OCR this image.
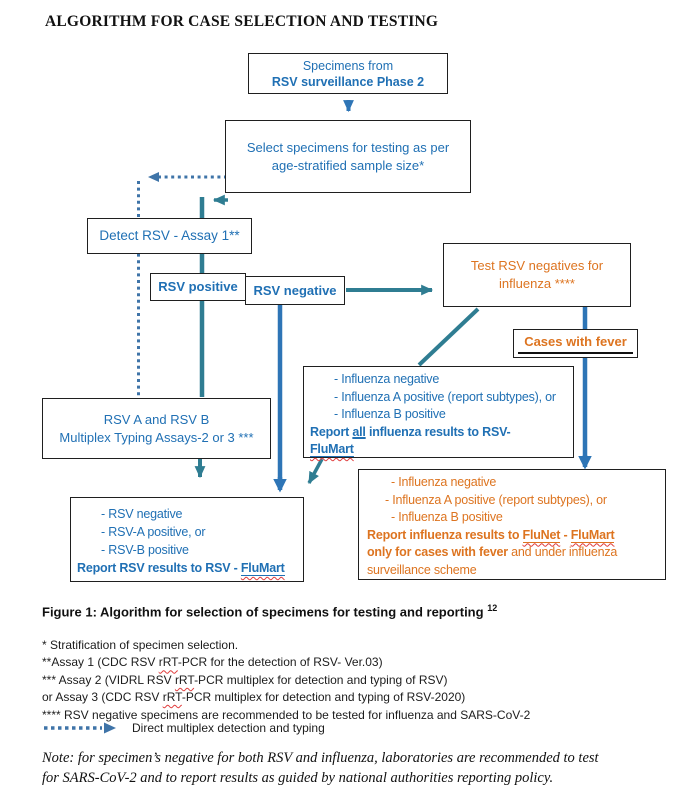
ALGORITHM FOR CASE SELECTION AND TESTING
Specimens from
RSV surveillance Phase 2
Select specimens for testing as per
age-stratified sample size*
Detect RSV - Assay 1**
RSV positive RSV negative
Test RSV negatives for
influenza ****
Cases with fever
- Influenza negative
- Influenza A positive (report subtypes), or
- Influenza B positive
Report all influenza results to RSV-
FluMart
RSV A and RSV B
Multiplex Typing Assays-2 or 3 ***
- RSV negative
- RSV-A positive, or
- RSV-B positive
Report RSV results to RSV - FluMart
- Influenza negative
- Influenza A positive (report subtypes), or
- Influenza B positive
Report influenza results to FluNet - FluMart
only for cases with fever and under influenza
surveillance scheme
Figure 1: Algorithm for selection of specimens for testing and reporting $^{12}$
* Stratification of specimen selection.
**Assay 1 (CDC RSV rRT-PCR for the detection of RSV- Ver.03)
*** Assay 2 (VIDRL RSV rRT-PCR multiplex for detection and typing of RSV)
or Assay 3 (CDC RSV rRT-PCR multiplex for detection and typing of RSV-2020)
**** RSV negative specimens are recommended to be tested for influenza and SARS-CoV-2
Direct multiplex detection and typing
Note: for specimen’s negative for both RSV and influenza, laboratories are recommended to test
for SARS-CoV-2 and to report results as guided by national authorities reporting policy.
